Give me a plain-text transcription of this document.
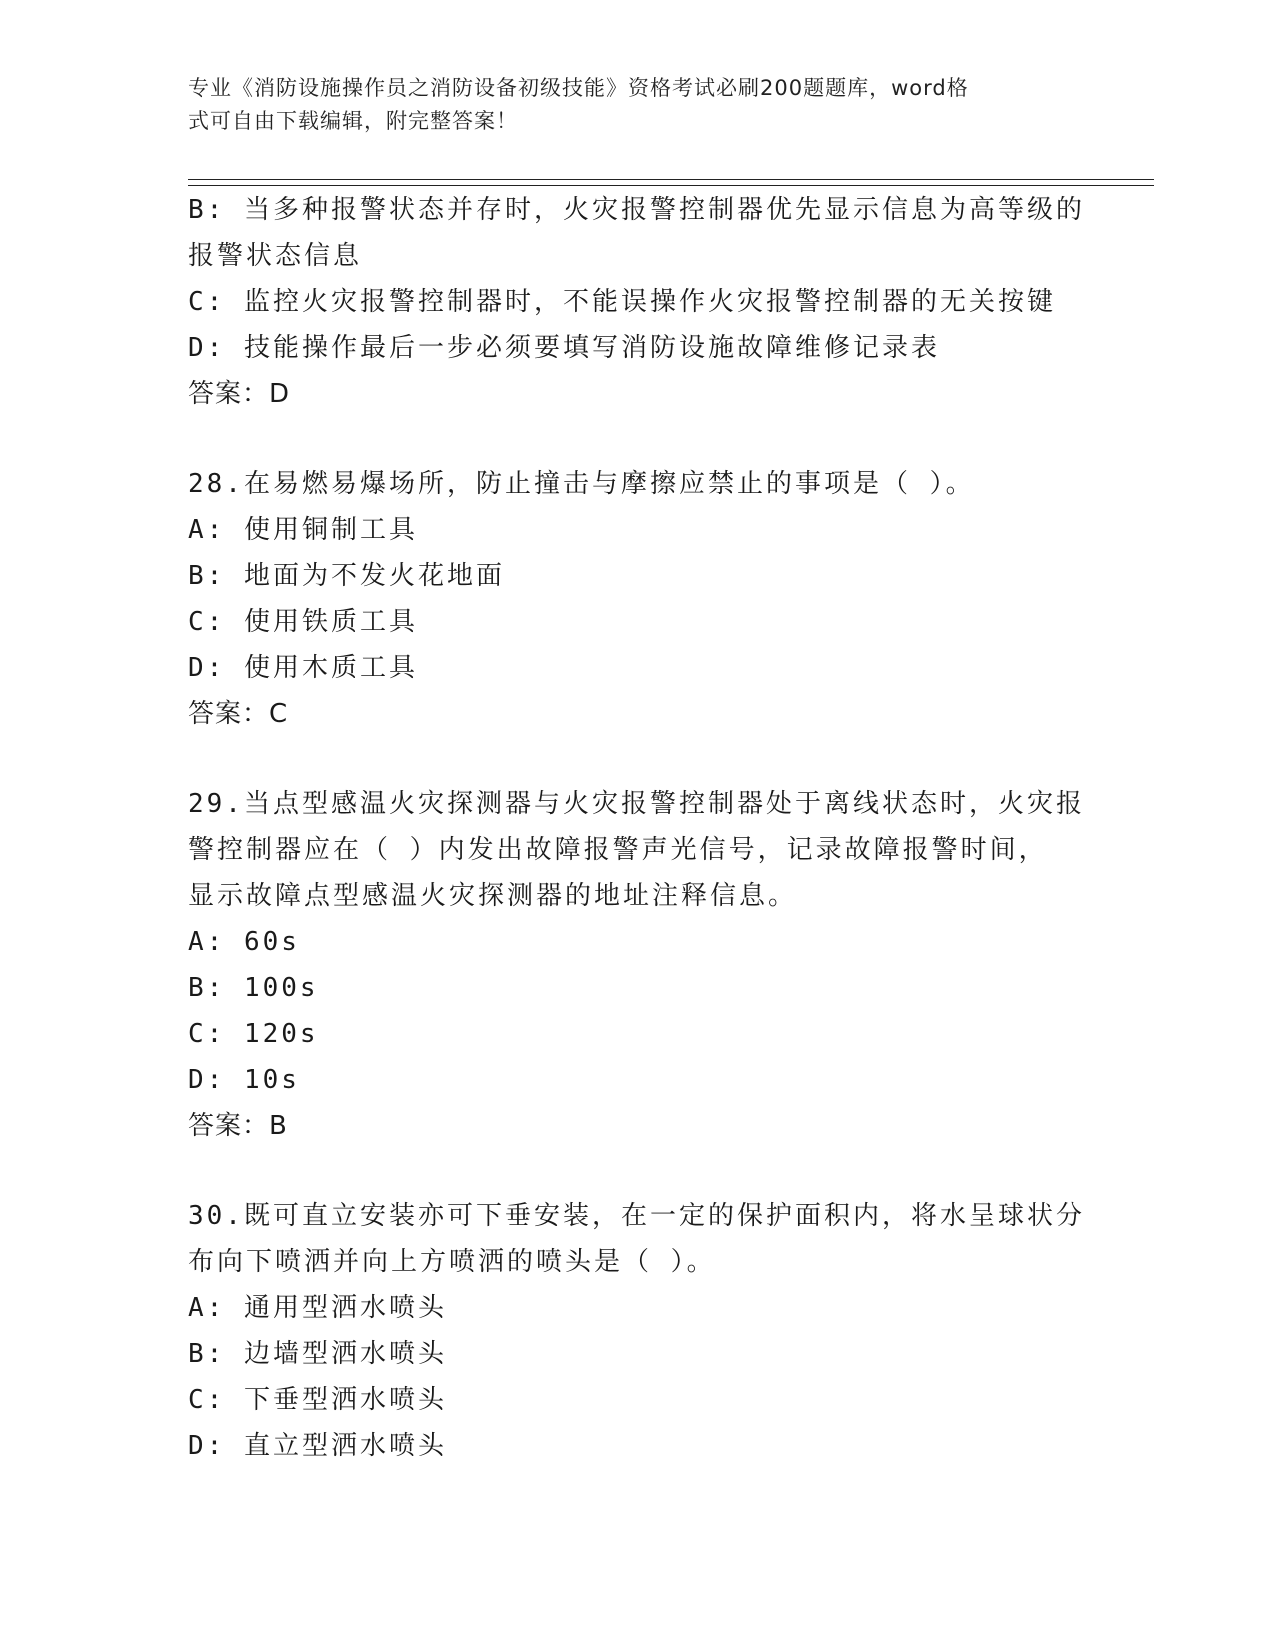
专业《消防设施操作员之消防设备初级技能》资格考试必刷200题题库，word格
式可自由下载编辑，附完整答案！
B: 当多种报警状态并存时，火灾报警控制器优先显示信息为高等级的
报警状态信息
C: 监控火灾报警控制器时，不能误操作火灾报警控制器的无关按键
D: 技能操作最后一步必须要填写消防设施故障维修记录表
答案：D
28.在易燃易爆场所，防止撞击与摩擦应禁止的事项是（ ）。
A: 使用铜制工具
B: 地面为不发火花地面
C: 使用铁质工具
D: 使用木质工具
答案：C
29.当点型感温火灾探测器与火灾报警控制器处于离线状态时，火灾报
警控制器应在（ ）内发出故障报警声光信号，记录故障报警时间，
显示故障点型感温火灾探测器的地址注释信息。
A: 60s
B: 100s
C: 120s
D: 10s
答案：B
30.既可直立安装亦可下垂安装，在一定的保护面积内，将水呈球状分
布向下喷洒并向上方喷洒的喷头是（ ）。
A: 通用型洒水喷头
B: 边墙型洒水喷头
C: 下垂型洒水喷头
D: 直立型洒水喷头
